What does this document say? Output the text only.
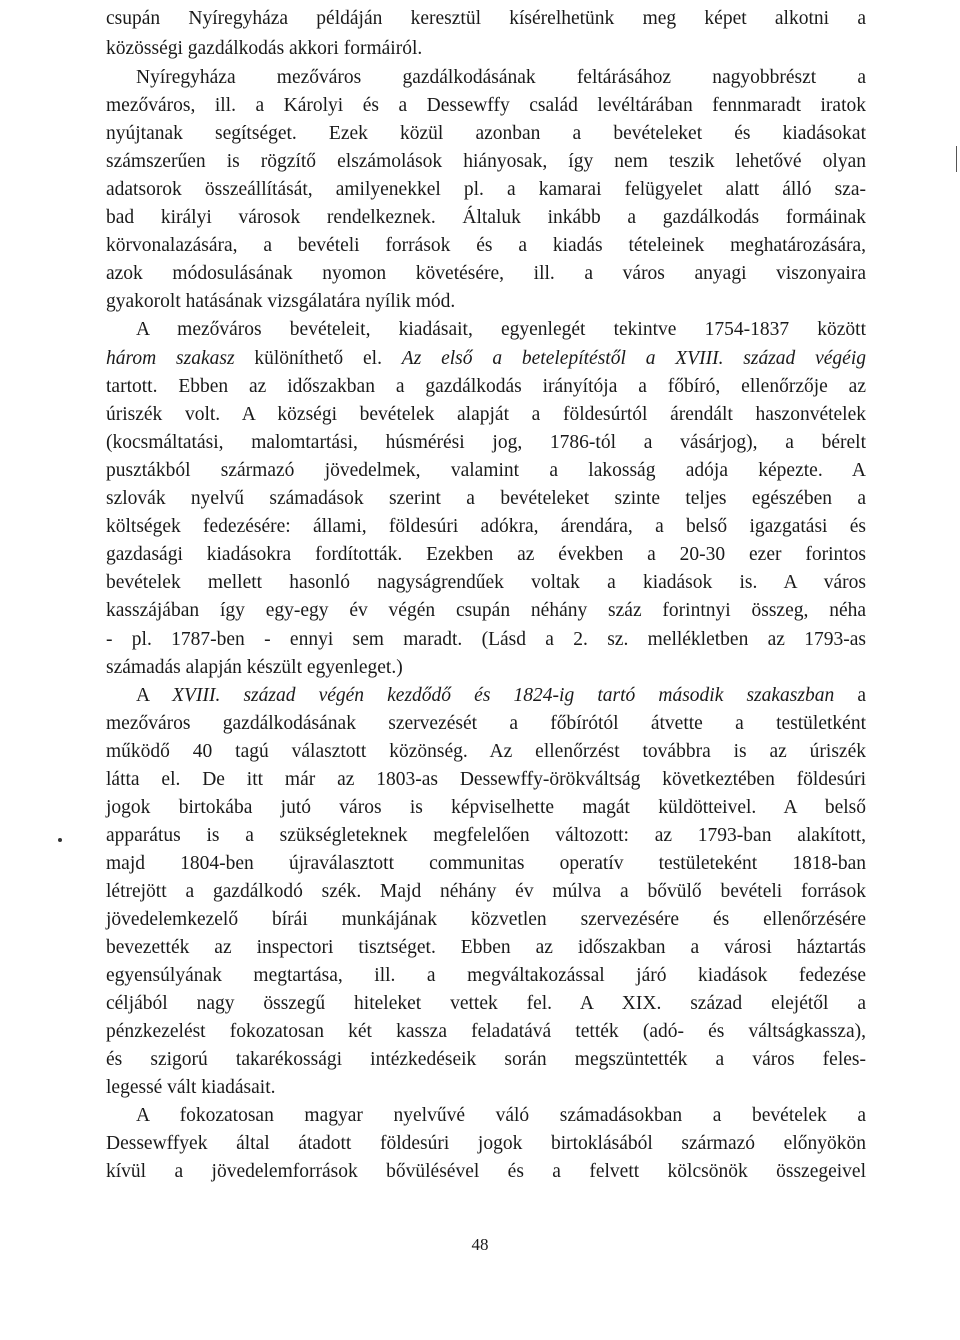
csupán Nyíregyháza példáján keresztül kísérelhetünk meg képet alkotni a
közösségi gazdálkodás akkori formáiról.
Nyíregyháza mezőváros gazdálkodásának feltárásához nagyobbrészt a
mezőváros, ill. a Károlyi és a Dessewffy család levéltárában fennmaradt iratok
nyújtanak segítséget. Ezek közül azonban a bevételeket és kiadásokat
számszerűen is rögzítő elszámolások hiányosak, így nem teszik lehetővé olyan
adatsorok összeállítását, amilyenekkel pl. a kamarai felügyelet alatt álló sza-
bad királyi városok rendelkeznek. Általuk inkább a gazdálkodás formáinak
körvonalazására, a bevételi források és a kiadás tételeinek meghatározására,
azok módosulásának nyomon követésére, ill. a város anyagi viszonyaira
gyakorolt hatásának vizsgálatára nyílik mód.
A mezőváros bevételeit, kiadásait, egyenlegét tekintve 1754-1837 között
három szakasz különíthető el. Az első a betelepítéstől a XVIII. század végéig
tartott. Ebben az időszakban a gazdálkodás irányítója a főbíró, ellenőrzője az
úriszék volt. A községi bevételek alapját a földesúrtól árendált haszonvételek
(kocsmáltatási, malomtartási, húsmérési jog, 1786-tól a vásárjog), a bérelt
pusztákból származó jövedelmek, valamint a lakosság adója képezte. A
szlovák nyelvű számadások szerint a bevételeket szinte teljes egészében a
költségek fedezésére: állami, földesúri adókra, árendára, a belső igazgatási és
gazdasági kiadásokra fordították. Ezekben az években a 20-30 ezer forintos
bevételek mellett hasonló nagyságrendűek voltak a kiadások is. A város
kasszájában így egy-egy év végén csupán néhány száz forintnyi összeg, néha
- pl. 1787-ben - ennyi sem maradt. (Lásd a 2. sz. mellékletben az 1793-as
számadás alapján készült egyenleget.)
A XVIII. század végén kezdődő és 1824-ig tartó második szakaszban a
mezőváros gazdálkodásának szervezését a főbírótól átvette a testületként
működő 40 tagú választott közönség. Az ellenőrzést továbbra is az úriszék
látta el. De itt már az 1803-as Dessewffy-örökváltság következtében földesúri
jogok birtokába jutó város is képviselhette magát küldötteivel. A belső
apparátus is a szükségleteknek megfelelően változott: az 1793-ban alakított,
majd 1804-ben újraválasztott communitas operatív testületeként 1818-ban
létrejött a gazdálkodó szék. Majd néhány év múlva a bővülő bevételi források
jövedelemkezelő bírái munkájának közvetlen szervezésére és ellenőrzésére
bevezették az inspectori tisztséget. Ebben az időszakban a városi háztartás
egyensúlyának megtartása, ill. a megváltakozással járó kiadások fedezése
céljából nagy összegű hiteleket vettek fel. A XIX. század elejétől a
pénzkezelést fokozatosan két kassza feladatává tették (adó- és váltságkassza),
és szigorú takarékossági intézkedéseik során megszüntették a város feles-
legessé vált kiadásait.
A fokozatosan magyar nyelvűvé váló számadásokban a bevételek a
Dessewffyek által átadott földesúri jogok birtoklásából származó előnyökön
kívül a jövedelemforrások bővülésével és a felvett kölcsönök összegeivel
48
